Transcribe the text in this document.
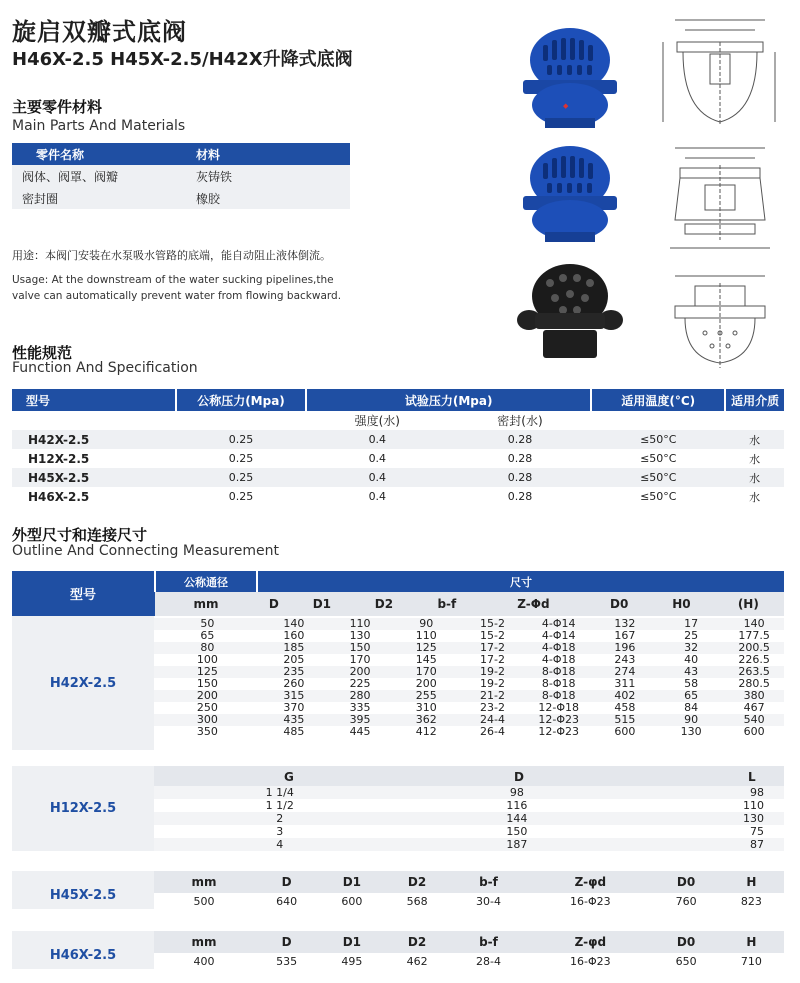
旋启双瓣式底阀
H46X-2.5 H45X-2.5/H42X升降式底阀
主要零件材料
Main Parts And Materials
零件名称	材料
阀体、阀罩、阀瓣	灰铸铁
密封圈	橡胶
用途：本阀门安装在水泵吸水管路的底端，能自动阻止液体倒流。
Usage: At the downstream of the water sucking pipelines,the valve can automatically prevent water from flowing backward.
◆
性能规范
Function And Specification
型号	公称压力(Mpa)	试验压力(Mpa)		适用温度(°C)	适用介质
		强度(水)	密封(水)		
H42X-2.5	0.25	0.4	0.28	≤50°C	水
H12X-2.5	0.25	0.4	0.28	≤50°C	水
H45X-2.5	0.25	0.4	0.28	≤50°C	水
H46X-2.5	0.25	0.4	0.28	≤50°C	水
外型尺寸和连接尺寸
Outline And Connecting Measurement
型号	公称通径	尺寸							
	mm	D	D1	D2	b-f	Z-Φd	D0	H0	(H)
H42X-2.5
50	140	110	90	15-2	4-Φ14	132	17	140
65	160	130	110	15-2	4-Φ14	167	25	177.5
80	185	150	125	17-2	4-Φ18	196	32	200.5
100	205	170	145	17-2	4-Φ18	243	40	226.5
125	235	200	170	19-2	8-Φ18	274	43	263.5
150	260	225	200	19-2	8-Φ18	311	58	280.5
200	315	280	255	21-2	8-Φ18	402	65	380
250	370	335	310	23-2	12-Φ18	458	84	467
300	435	395	362	24-4	12-Φ23	515	90	540
350	485	445	412	26-4	12-Φ23	600	130	600
G	D	L
H12X-2.5
1 1/4	98	98
1 1/2	116	110
2	144	130
3	150	75
4	187	87
H45X-2.5	mm	D	D1	D2	b-f	Z-φd	D0	H
	500	640	600	568	30-4	16-Φ23	760	823
H46X-2.5	mm	D	D1	D2	b-f	Z-φd	D0	H
	400	535	495	462	28-4	16-Φ23	650	710
